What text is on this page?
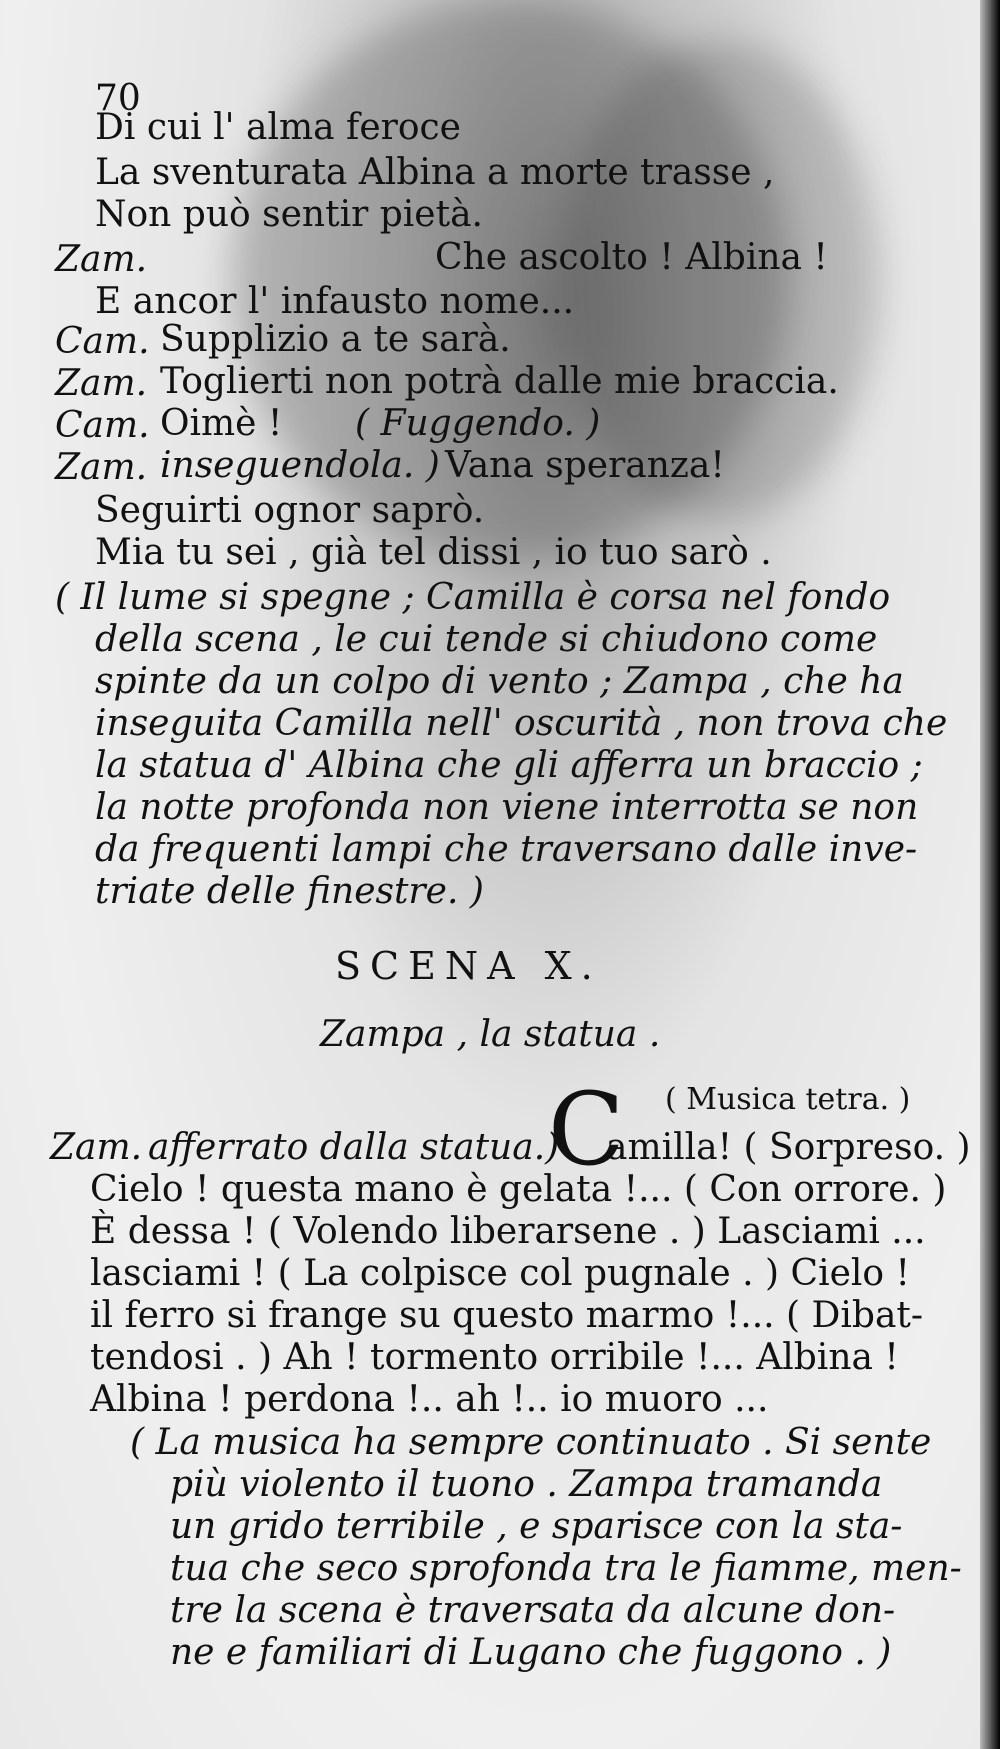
70
Di cui l' alma feroce
La sventurata Albina a morte trasse ,
Non può sentir pietà.
Zam.	Che ascolto ! Albina !
E ancor l' infausto nome...
Cam. Supplizio a te sarà.
Zam. Toglierti non potrà dalle mie braccia.
Cam. Oimè ! ( Fuggendo. )
Zam. inseguendola. ) Vana speranza!
Seguirti ognor saprò.
Mia tu sei , già tel dissi , io tuo sarò .
( Il lume si spegne ; Camilla è corsa nel fondo
della scena , le cui tende si chiudono come
spinte da un colpo di vento ; Zampa , che ha
inseguita Camilla nell' oscurità , non trova che
la statua d' Albina che gli afferra un braccio ;
la notte profonda non viene interrotta se non
da frequenti lampi che traversano dalle inve-
triate delle finestre. )
SCENA X.
Zampa , la statua .
( Musica tetra. )
Zam. afferrato dalla statua.)
C
amilla! ( Sorpreso. )
Cielo ! questa mano è gelata !... ( Con orrore. )
È dessa ! ( Volendo liberarsene . ) Lasciami ...
lasciami ! ( La colpisce col pugnale . ) Cielo !
il ferro si frange su questo marmo !... ( Dibat-
tendosi . ) Ah ! tormento orribile !... Albina !
Albina ! perdona !.. ah !.. io muoro ...
( La musica ha sempre continuato . Si sente
più violento il tuono . Zampa tramanda
un grido terribile , e sparisce con la sta-
tua che seco sprofonda tra le fiamme, men-
tre la scena è traversata da alcune don-
ne e familiari di Lugano che fuggono . )
